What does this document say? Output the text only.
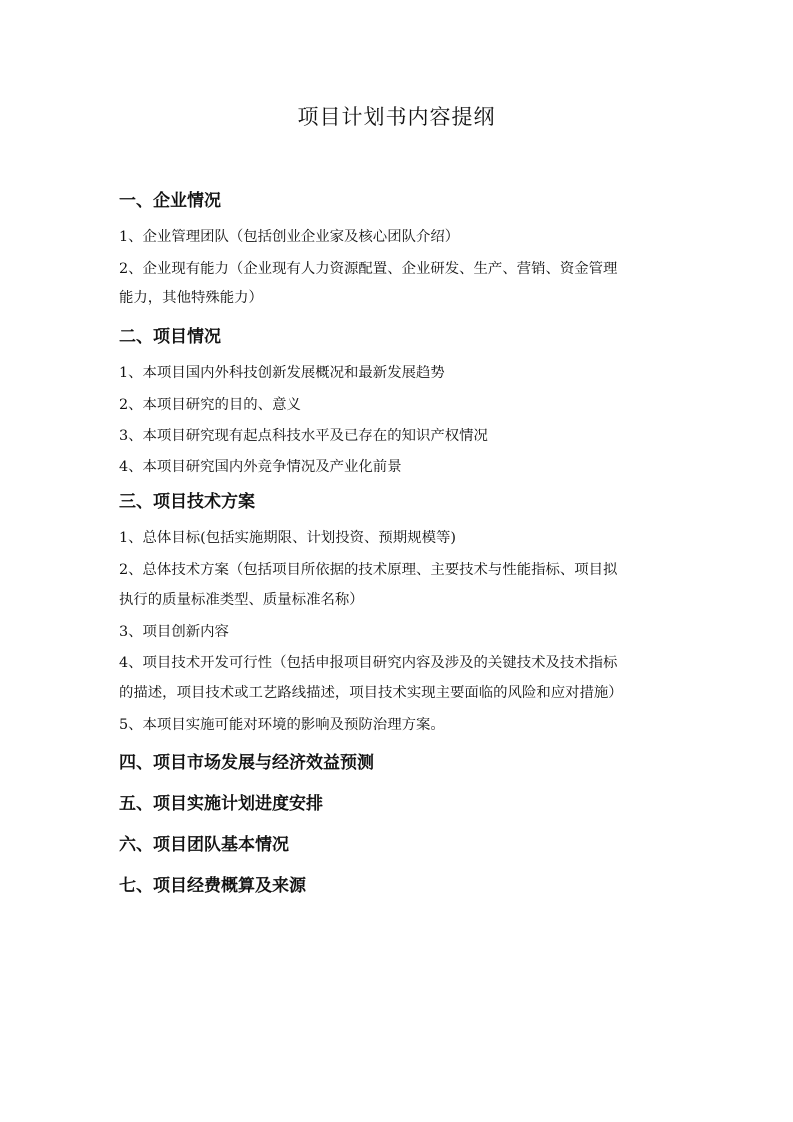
项目计划书内容提纲
一、企业情况
1、企业管理团队（包括创业企业家及核心团队介绍）
2、企业现有能力（企业现有人力资源配置、企业研发、生产、营销、资金管理
能力，其他特殊能力）
二、项目情况
1、本项目国内外科技创新发展概况和最新发展趋势
2、本项目研究的目的、意义
3、本项目研究现有起点科技水平及已存在的知识产权情况
4、本项目研究国内外竞争情况及产业化前景
三、项目技术方案
1、总体目标(包括实施期限、计划投资、预期规模等)
2、总体技术方案（包括项目所依据的技术原理、主要技术与性能指标、项目拟
执行的质量标准类型、质量标准名称）
3、项目创新内容
4、项目技术开发可行性（包括申报项目研究内容及涉及的关键技术及技术指标
的描述，项目技术或工艺路线描述，项目技术实现主要面临的风险和应对措施）
5、本项目实施可能对环境的影响及预防治理方案。
四、项目市场发展与经济效益预测
五、项目实施计划进度安排
六、项目团队基本情况
七、项目经费概算及来源
